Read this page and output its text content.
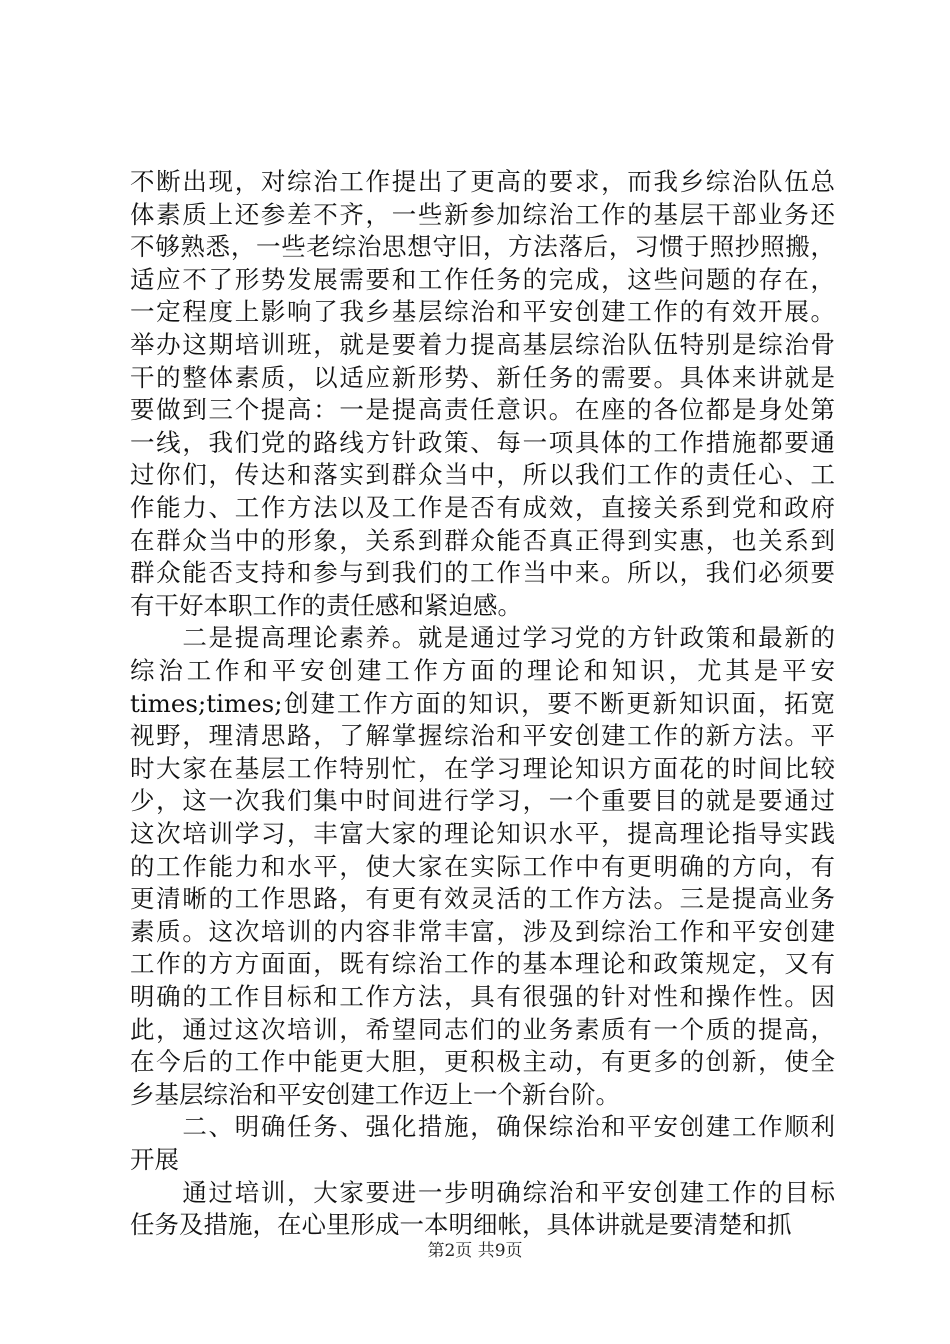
不断出现，对综治工作提出了更高的要求，而我乡综治队伍总
体素质上还参差不齐，一些新参加综治工作的基层干部业务还
不够熟悉，一些老综治思想守旧，方法落后，习惯于照抄照搬，
适应不了形势发展需要和工作任务的完成，这些问题的存在，
一定程度上影响了我乡基层综治和平安创建工作的有效开展。
举办这期培训班，就是要着力提高基层综治队伍特别是综治骨
干的整体素质，以适应新形势、新任务的需要。具体来讲就是
要做到三个提高：一是提高责任意识。在座的各位都是身处第
一线，我们党的路线方针政策、每一项具体的工作措施都要通
过你们，传达和落实到群众当中，所以我们工作的责任心、工
作能力、工作方法以及工作是否有成效，直接关系到党和政府
在群众当中的形象，关系到群众能否真正得到实惠，也关系到
群众能否支持和参与到我们的工作当中来。所以，我们必须要
有干好本职工作的责任感和紧迫感。
　　二是提高理论素养。就是通过学习党的方针政策和最新的
综治工作和平安创建工作方面的理论和知识，尤其是平安
times;times;创建工作方面的知识，要不断更新知识面，拓宽
视野，理清思路，了解掌握综治和平安创建工作的新方法。平
时大家在基层工作特别忙，在学习理论知识方面花的时间比较
少，这一次我们集中时间进行学习，一个重要目的就是要通过
这次培训学习，丰富大家的理论知识水平，提高理论指导实践
的工作能力和水平，使大家在实际工作中有更明确的方向，有
更清晰的工作思路，有更有效灵活的工作方法。三是提高业务
素质。这次培训的内容非常丰富，涉及到综治工作和平安创建
工作的方方面面，既有综治工作的基本理论和政策规定，又有
明确的工作目标和工作方法，具有很强的针对性和操作性。因
此，通过这次培训，希望同志们的业务素质有一个质的提高，
在今后的工作中能更大胆，更积极主动，有更多的创新，使全
乡基层综治和平安创建工作迈上一个新台阶。
　　二、明确任务、强化措施，确保综治和平安创建工作顺利
开展
　　通过培训，大家要进一步明确综治和平安创建工作的目标
任务及措施，在心里形成一本明细帐，具体讲就是要清楚和抓
第2页 共9页
